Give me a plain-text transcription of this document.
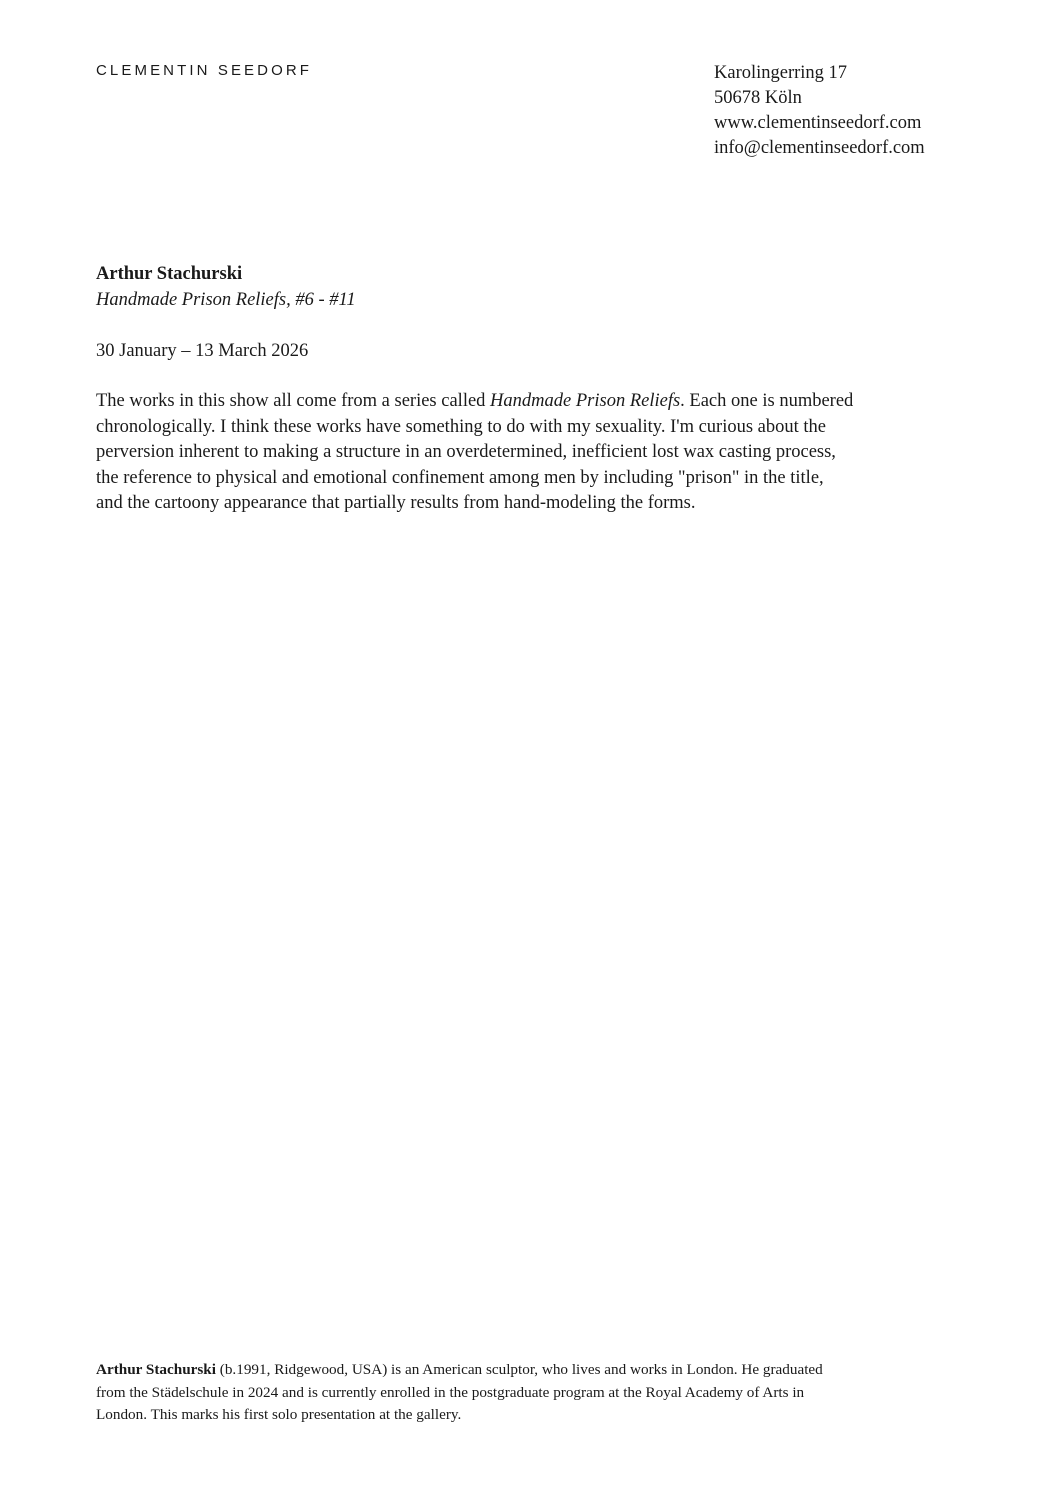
CLEMENTIN SEEDORF	Karolingerring 17
50678 Köln
www.clementinseedorf.com
info@clementinseedorf.com
Arthur Stachurski
Handmade Prison Reliefs, #6 - #11
30 January – 13 March 2026
The works in this show all come from a series called Handmade Prison Reliefs. Each one is numbered
chronologically. I think these works have something to do with my sexuality. I'm curious about the
perversion inherent to making a structure in an overdetermined, inefficient lost wax casting process,
the reference to physical and emotional confinement among men by including "prison" in the title,
and the cartoony appearance that partially results from hand-modeling the forms.
Arthur Stachurski (b.1991, Ridgewood, USA) is an American sculptor, who lives and works in London. He graduated
from the Städelschule in 2024 and is currently enrolled in the postgraduate program at the Royal Academy of Arts in
London. This marks his first solo presentation at the gallery.
